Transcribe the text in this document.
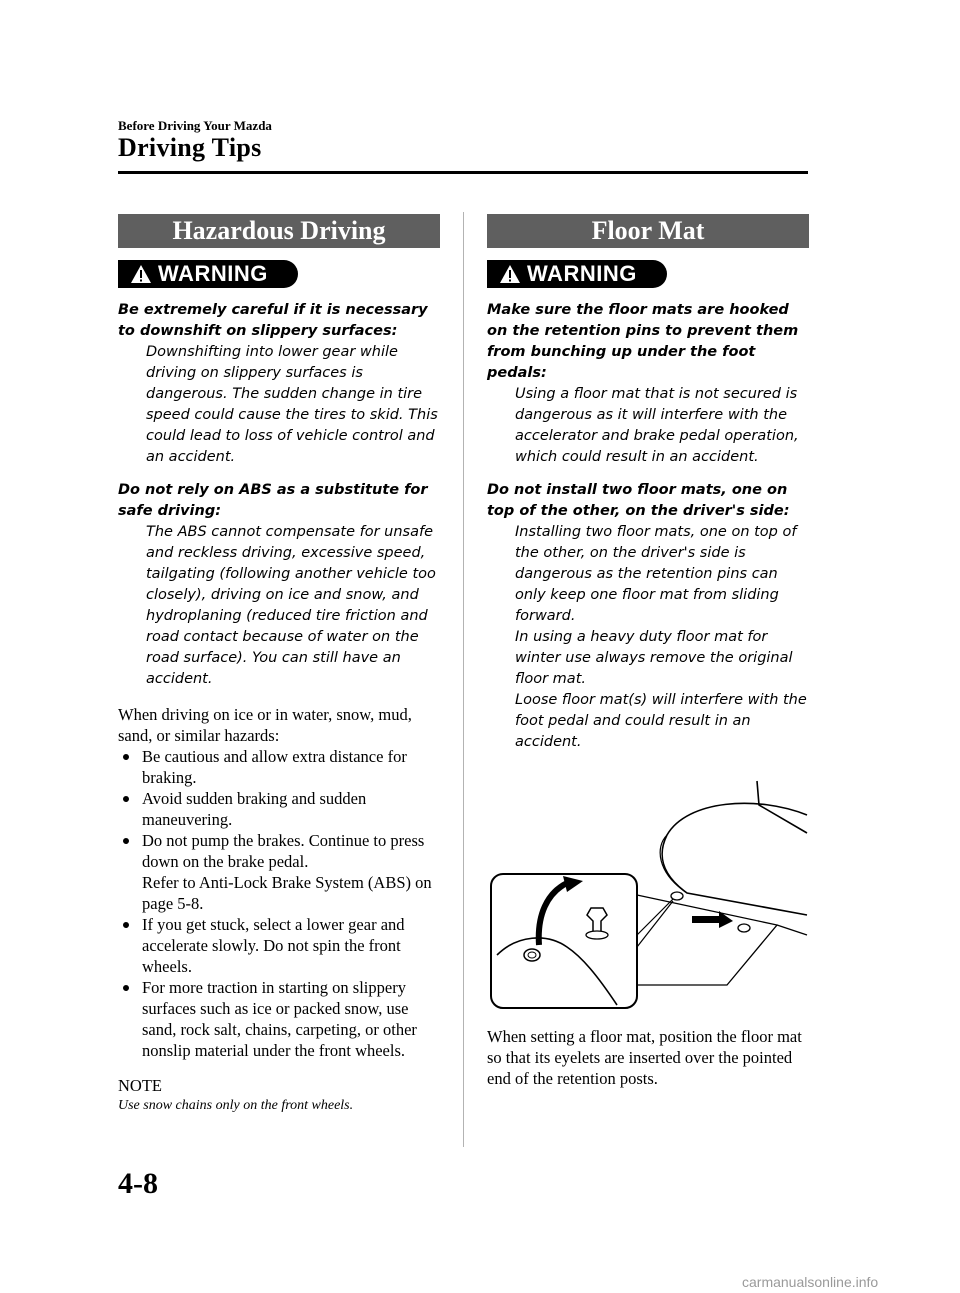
Before Driving Your Mazda
Driving Tips
Hazardous Driving
WARNING
Be extremely careful if it is necessary to downshift on slippery surfaces:
Downshifting into lower gear while driving on slippery surfaces is dangerous. The sudden change in tire speed could cause the tires to skid. This could lead to loss of vehicle control and an accident.
Do not rely on ABS as a substitute for safe driving:
The ABS cannot compensate for unsafe and reckless driving, excessive speed, tailgating (following another vehicle too closely), driving on ice and snow, and hydroplaning (reduced tire friction and road contact because of water on the road surface). You can still have an accident.
When driving on ice or in water, snow, mud, sand, or similar hazards:
Be cautious and allow extra distance for braking.
Avoid sudden braking and sudden maneuvering.
Do not pump the brakes. Continue to press down on the brake pedal.
Refer to Anti-Lock Brake System (ABS) on page 5-8.
If you get stuck, select a lower gear and accelerate slowly. Do not spin the front wheels.
For more traction in starting on slippery surfaces such as ice or packed snow, use sand, rock salt, chains, carpeting, or other nonslip material under the front wheels.
NOTE
Use snow chains only on the front wheels.
Floor Mat
WARNING
Make sure the floor mats are hooked on the retention pins to prevent them from bunching up under the foot pedals:
Using a floor mat that is not secured is dangerous as it will interfere with the accelerator and brake pedal operation, which could result in an accident.
Do not install two floor mats, one on top of the other, on the driver's side:
Installing two floor mats, one on top of the other, on the driver's side is dangerous as the retention pins can only keep one floor mat from sliding forward.
In using a heavy duty floor mat for winter use always remove the original floor mat.
Loose floor mat(s) will interfere with the foot pedal and could result in an accident.
When setting a floor mat, position the floor mat so that its eyelets are inserted over the pointed end of the retention posts.
4-8
carmanualsonline.info
